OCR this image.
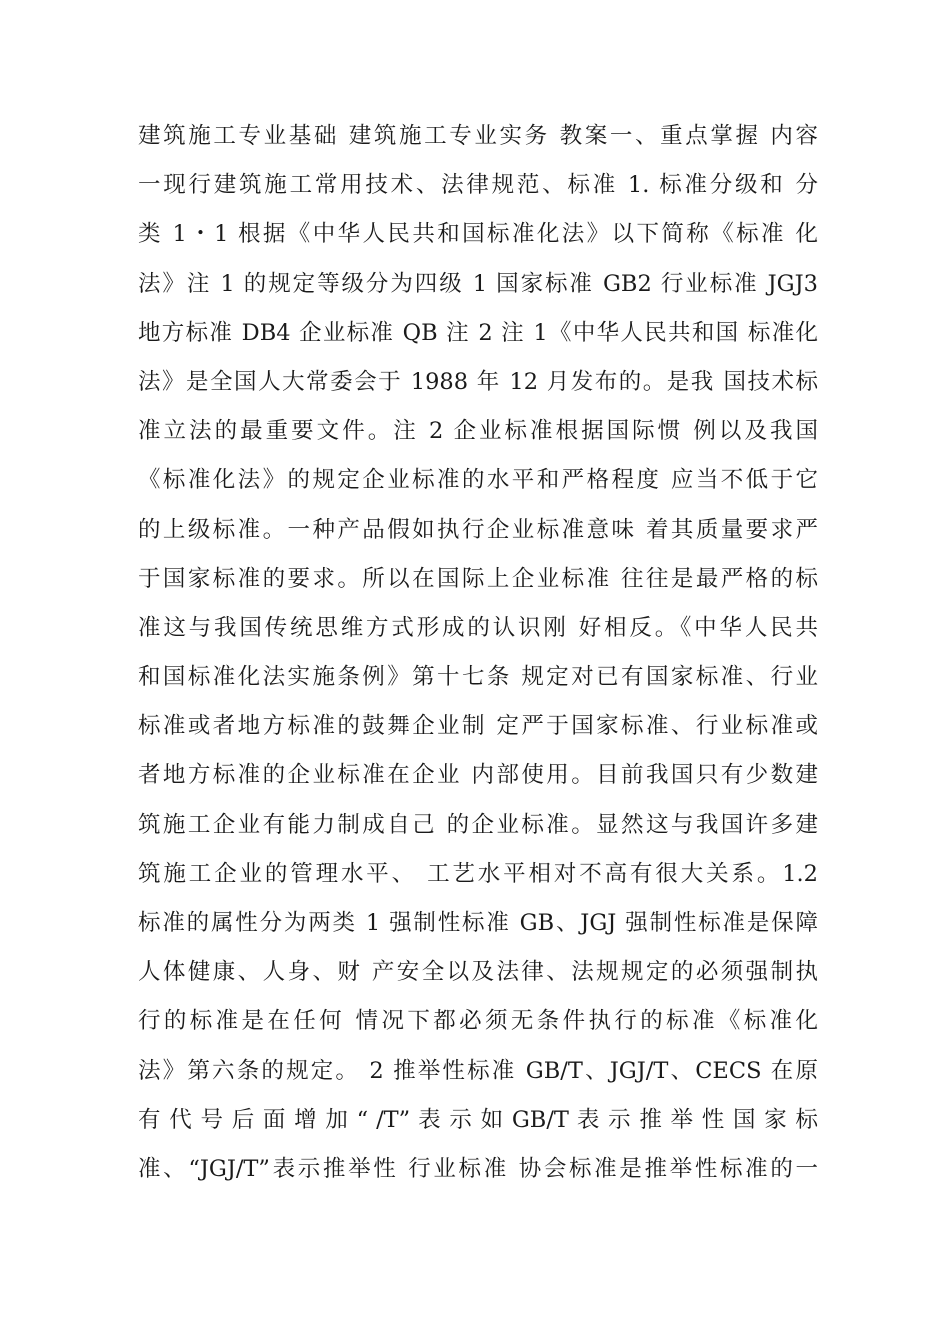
建筑施工专业基础 建筑施工专业实务 教案一、重点掌握 内容
一现行建筑施工常用技术、法律规范、标准 1. 标准分级和 分
类 1・1 根据《中华人民共和国标准化法》以下简称《标准 化
法》注 1 的规定等级分为四级 1 国家标准 GB2 行业标准 JGJ3
地方标准 DB4 企业标准 QB 注 2 注 1《中华人民共和国 标准化
法》是全国人大常委会于 1988 年 12 月发布的。是我 国技术标
准立法的最重要文件。注 2 企业标准根据国际惯 例以及我国
《标准化法》的规定企业标准的水平和严格程度 应当不低于它
的上级标准。一种产品假如执行企业标准意味 着其质量要求严
于国家标准的要求。所以在国际上企业标准 往往是最严格的标
准这与我国传统思维方式形成的认识刚 好相反。《中华人民共
和国标准化法实施条例》第十七条 规定对已有国家标准、行业
标准或者地方标准的鼓舞企业制 定严于国家标准、行业标准或
者地方标准的企业标准在企业 内部使用。目前我国只有少数建
筑施工企业有能力制成自己 的企业标准。显然这与我国许多建
筑施工企业的管理水平、 工艺水平相对不高有很大关系。1.2
标准的属性分为两类 1 强制性标准 GB、JGJ 强制性标准是保障
人体健康、人身、财 产安全以及法律、法规规定的必须强制执
行的标准是在任何 情况下都必须无条件执行的标准《标准化
法》第六条的规定。 2 推举性标准 GB/T、JGJ/T、CECS 在原
有 代 号 后 面 增 加 “ /T” 表 示 如 GB/T 表 示 推 举 性 国 家 标
准、“JGJ/T”表示推举性 行业标准 协会标准是推举性标准的一
